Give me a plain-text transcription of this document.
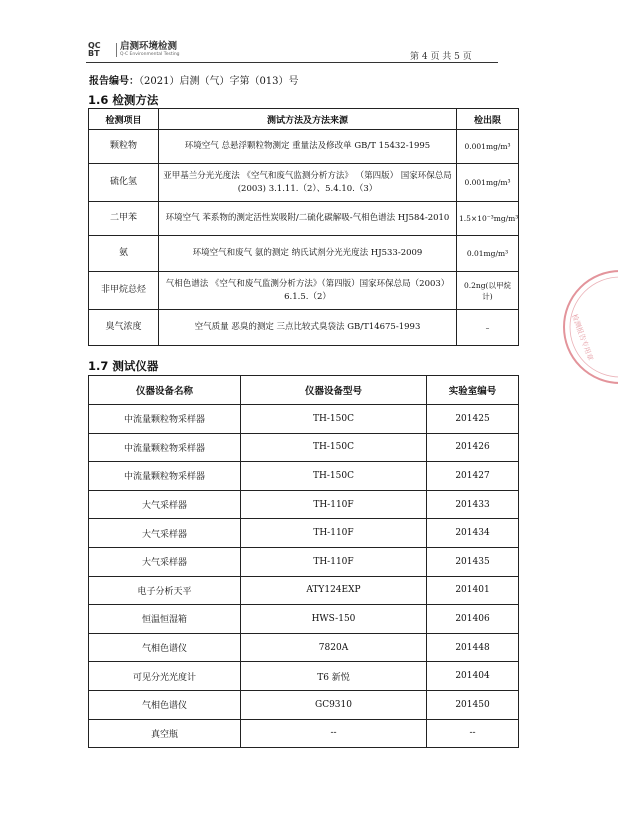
QC
BT
启测环境检测
Q·C Environmental Testing	第 4 页 共 5 页
报告编号：（2021）启测（气）字第（013）号
1.6 检测方法
检测项目	测试方法及方法来源	检出限
颗粒物	环境空气 总悬浮颗粒物测定 重量法及修改单 GB/T 15432-1995	0.001mg/m³
硫化氢	亚甲基兰分光光度法 《空气和废气监测分析方法》 （第四版） 国家环保总局(2003) 3.1.11.（2）、5.4.10.（3）	0.001mg/m³
二甲苯	环境空气 苯系物的测定活性炭吸附/二硫化碳解吸-气相色谱法 HJ584-2010	1.5×10⁻³mg/m³
氨	环境空气和废气 氨的测定 纳氏试剂分光光度法 HJ533-2009	0.01mg/m³
非甲烷总烃	气相色谱法 《空气和废气监测分析方法》（第四版）国家环保总局（2003）6.1.5.（2）	0.2ng(以甲烷计)
臭气浓度	空气质量 恶臭的测定 三点比较式臭袋法 GB/T14675-1993	–
1.7 测试仪器
仪器设备名称	仪器设备型号	实验室编号
中流量颗粒物采样器	TH-150C	201425
中流量颗粒物采样器	TH-150C	201426
中流量颗粒物采样器	TH-150C	201427
大气采样器	TH-110F	201433
大气采样器	TH-110F	201434
大气采样器	TH-110F	201435
电子分析天平	ATY124EXP	201401
恒温恒湿箱	HWS-150	201406
气相色谱仪	7820A	201448
可见分光光度计	T6 新悦	201404
气相色谱仪	GC9310	201450
真空瓶	--	--
检测报告专用章
